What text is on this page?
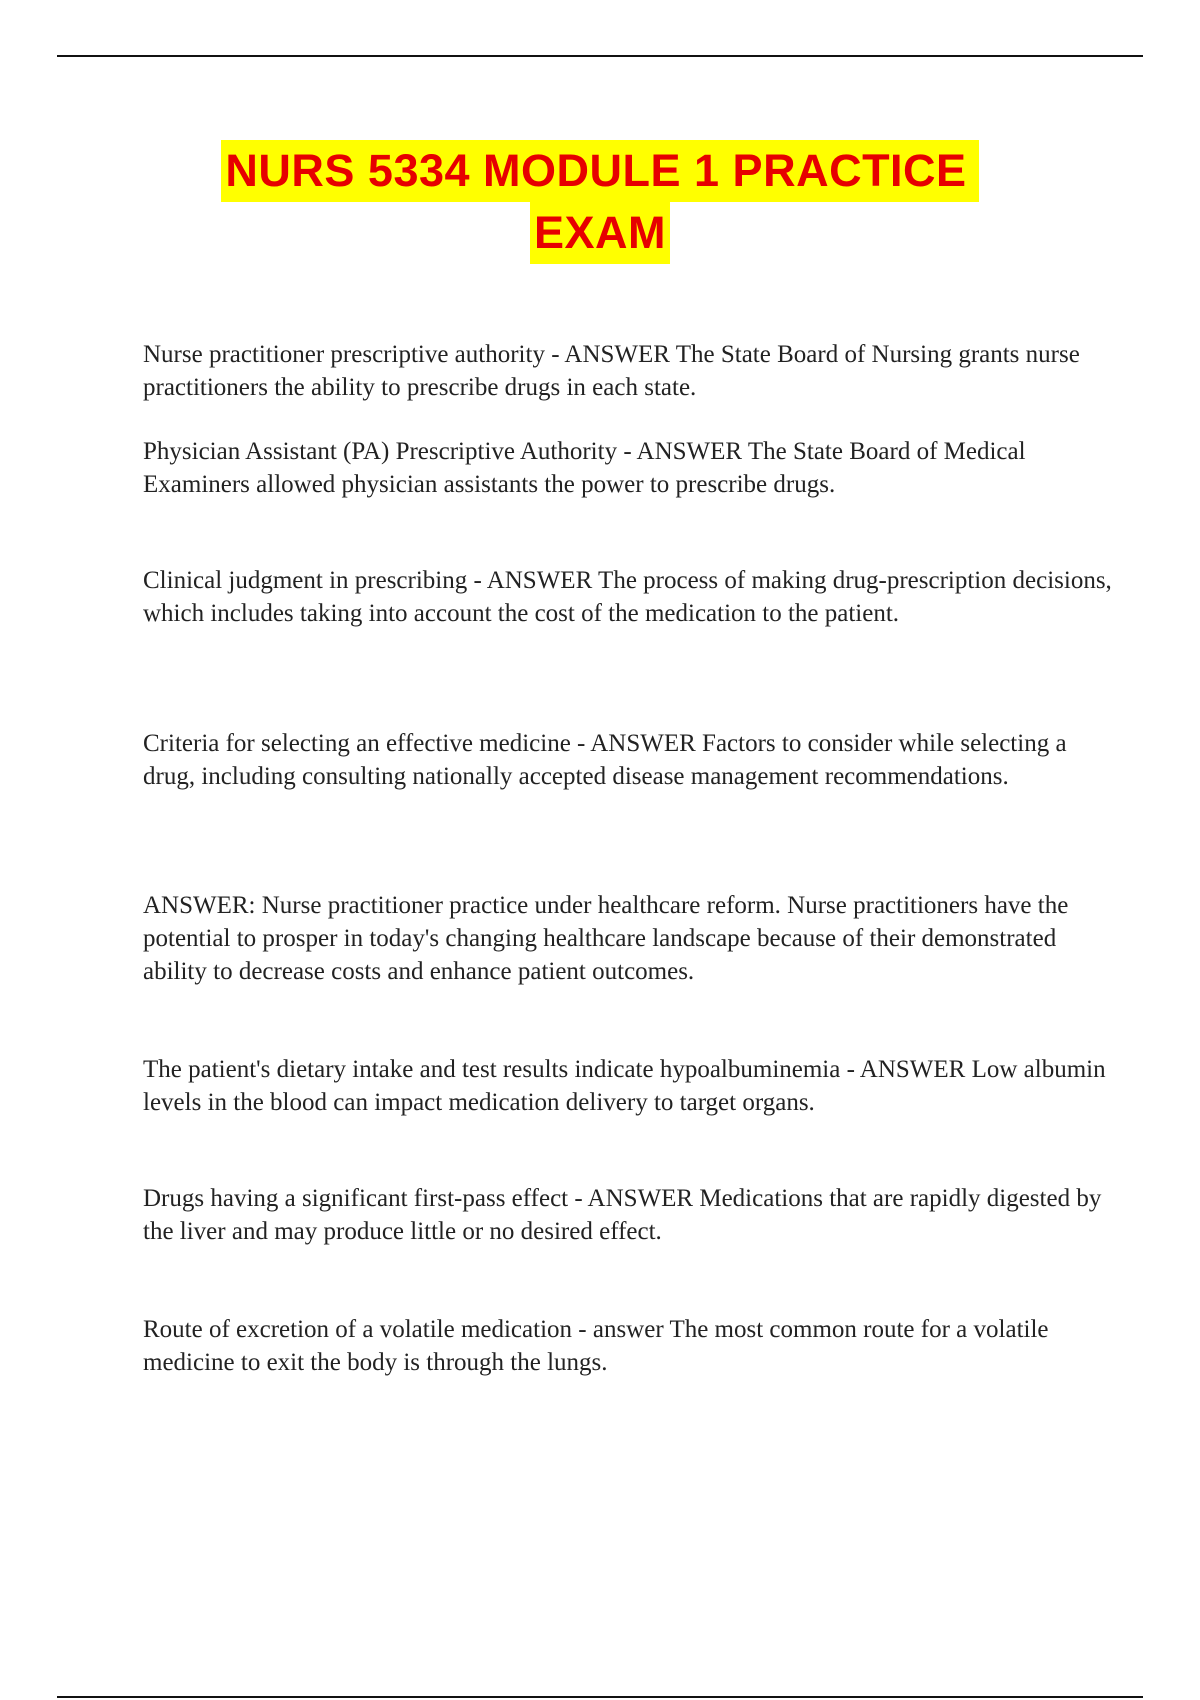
NURS 5334 MODULE 1 PRACTICE
EXAM

Nurse practitioner prescriptive authority - ANSWER The State Board of Nursing grants nurse practitioners the ability to prescribe drugs in each state.

Physician Assistant (PA) Prescriptive Authority - ANSWER The State Board of Medical Examiners allowed physician assistants the power to prescribe drugs.

Clinical judgment in prescribing - ANSWER The process of making drug-prescription decisions, which includes taking into account the cost of the medication to the patient.

Criteria for selecting an effective medicine - ANSWER Factors to consider while selecting a drug, including consulting nationally accepted disease management recommendations.

ANSWER: Nurse practitioner practice under healthcare reform. Nurse practitioners have the potential to prosper in today's changing healthcare landscape because of their demonstrated ability to decrease costs and enhance patient outcomes.

The patient's dietary intake and test results indicate hypoalbuminemia - ANSWER Low albumin levels in the blood can impact medication delivery to target organs.

Drugs having a significant first-pass effect - ANSWER Medications that are rapidly digested by the liver and may produce little or no desired effect.

Route of excretion of a volatile medication - answer The most common route for a volatile medicine to exit the body is through the lungs.
